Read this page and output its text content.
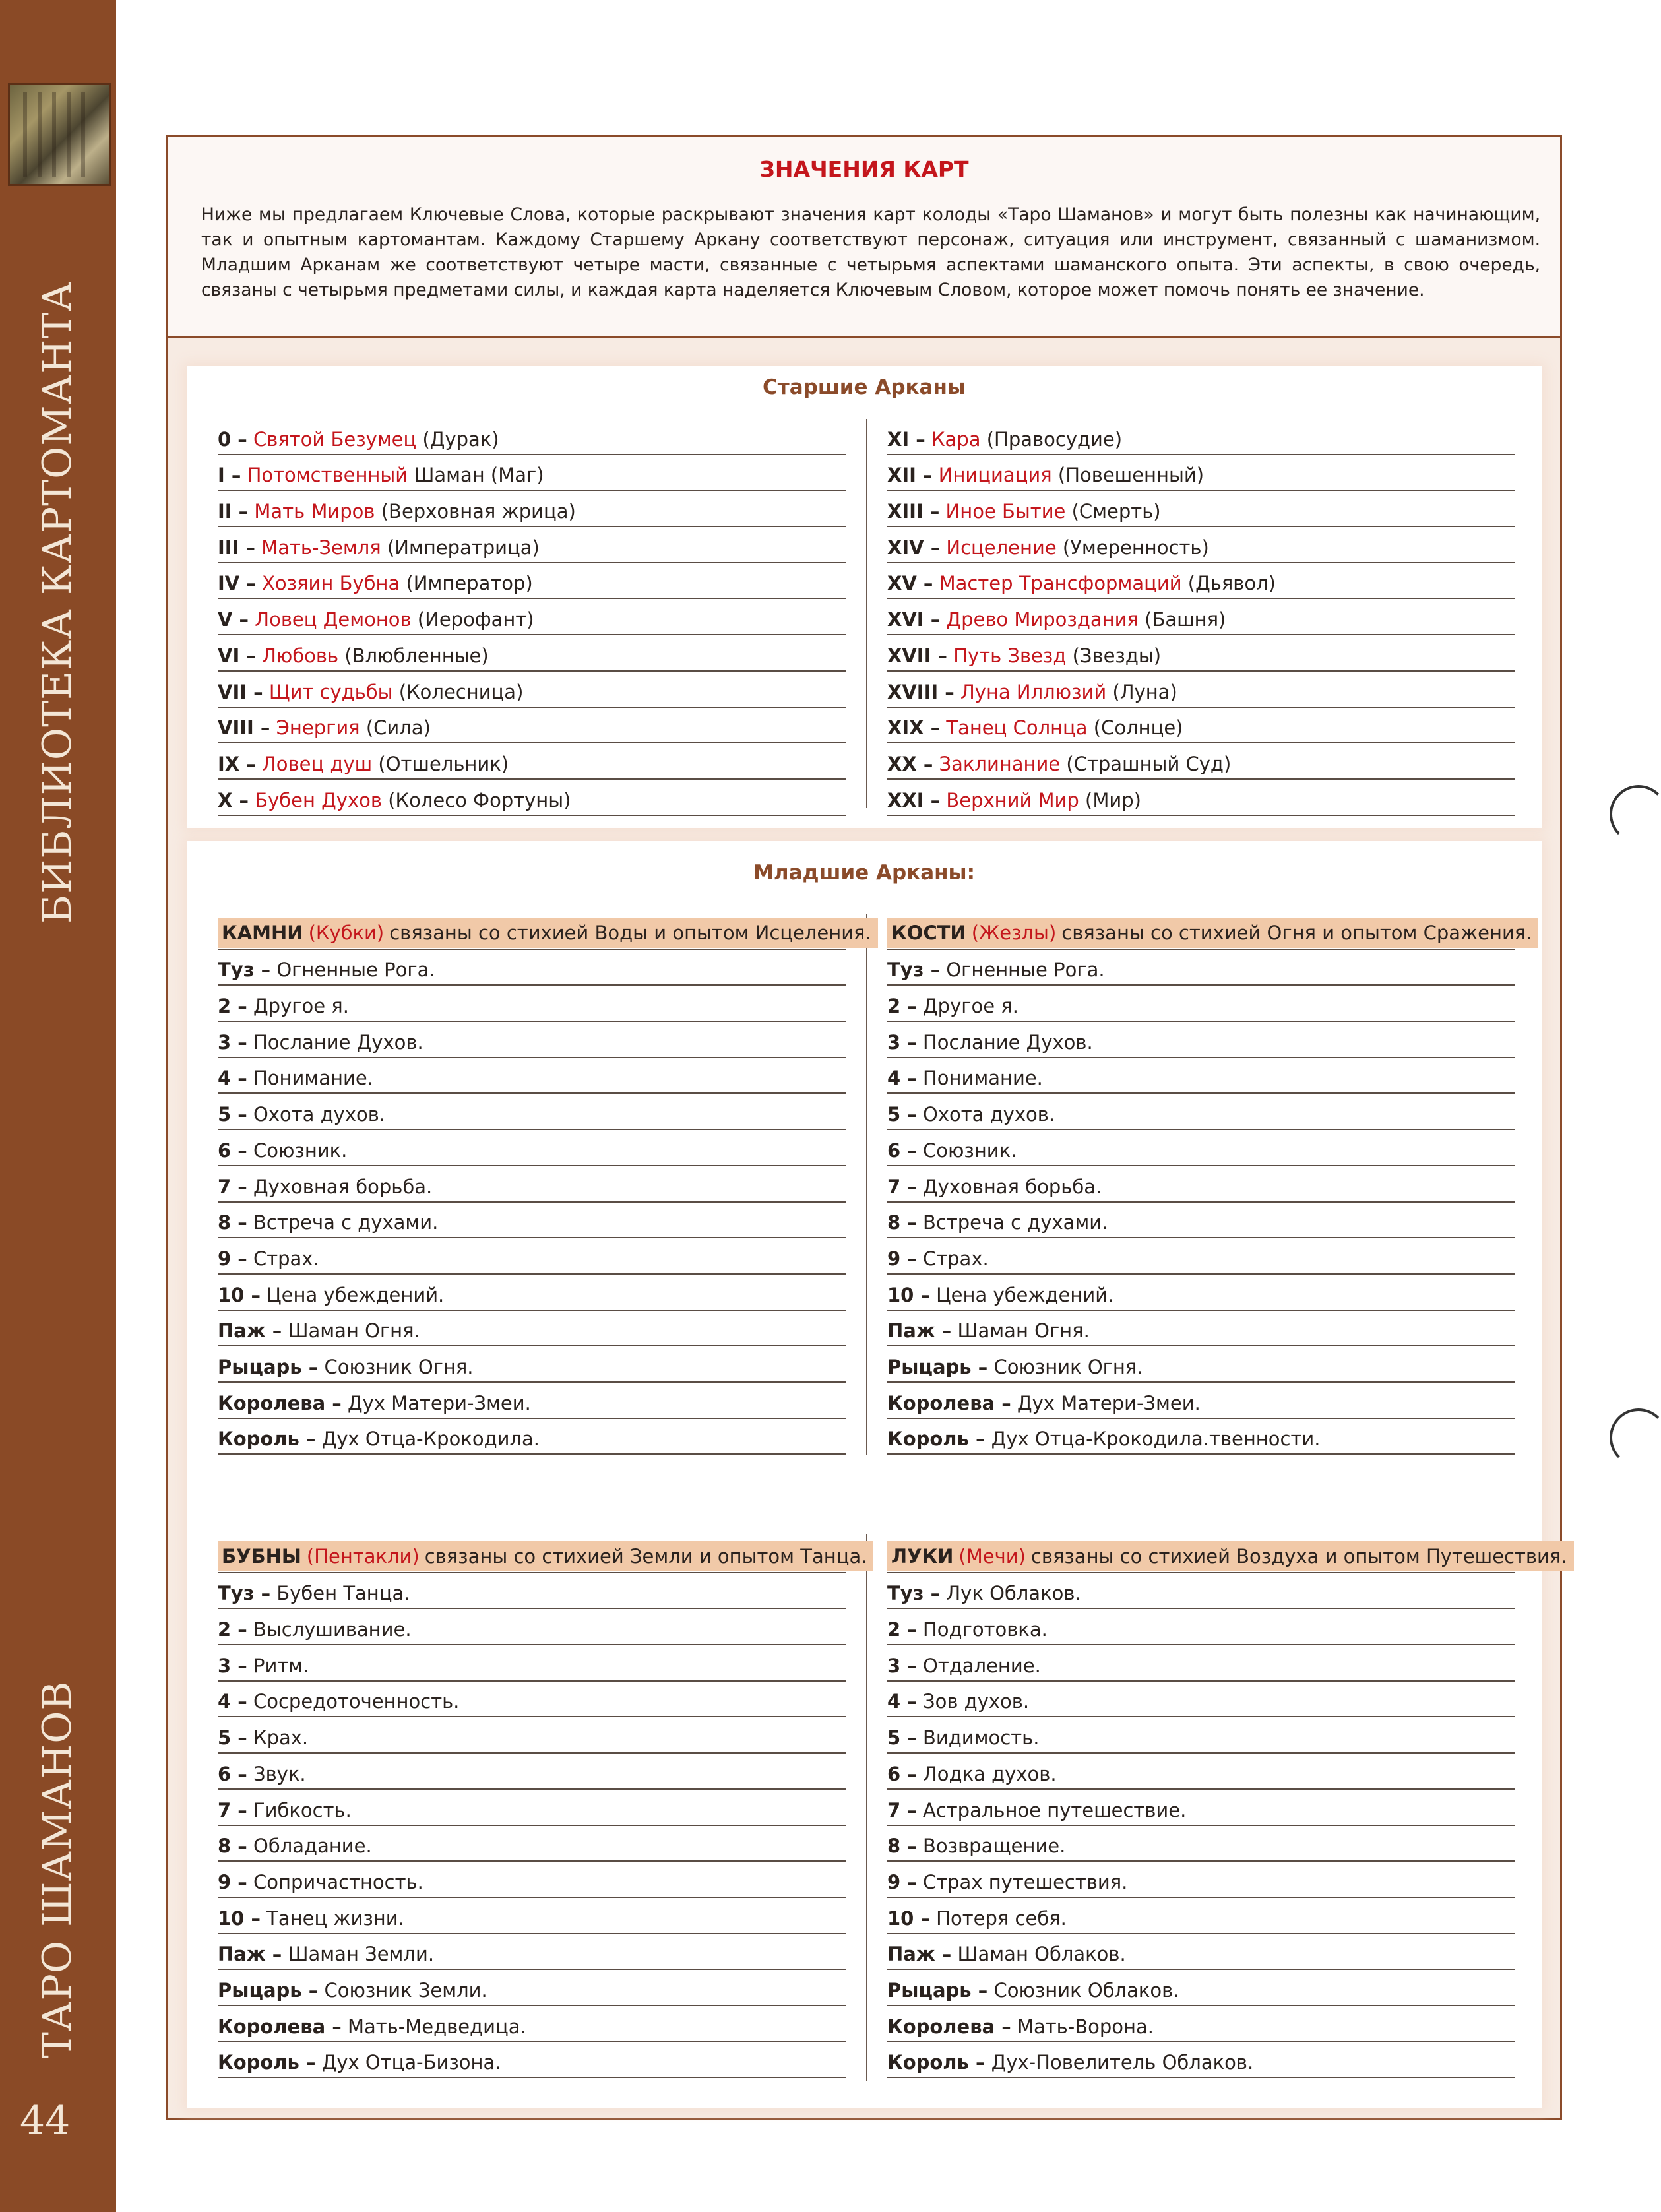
БИБЛИОТЕКА КАРТОМАНТА
ТАРО ШАМАНОВ
44
ЗНАЧЕНИЯ КАРТ
Ниже мы предлагаем Ключевые Слова, которые раскрывают значения карт колоды «Таро Шаманов» и могут быть полезны как начинающим, так и опытным картомантам. Каждому Старшему Аркану соответствуют персонаж, ситуация или инструмент, связанный с шаманизмом. Младшим Арканам же соответствуют четыре масти, связанные с четырьмя аспектами шаманского опыта. Эти аспекты, в свою очередь, связаны с четырьмя предметами силы, и каждая карта наделяется Ключевым Словом, которое может помочь понять ее значение.
Старшие Арканы
0 –
Святой Безумец
(Дурак)
I –
Потомственный
Шаман (Маг)
II –
Мать Миров
(Верховная жрица)
III –
Мать-Земля
(Императрица)
IV –
Хозяин Бубна
(Император)
V –
Ловец Демонов
(Иерофант)
VI –
Любовь
(Влюбленные)
VII –
Щит судьбы
(Колесница)
VIII –
Энергия
(Сила)
IX –
Ловец душ
(Отшельник)
X –
Бубен Духов
(Колесо Фортуны)
XI –
Кара
(Правосудие)
XII –
Инициация
(Повешенный)
XIII –
Иное Бытие
(Смерть)
XIV –
Исцеление
(Умеренность)
XV –
Мастер Трансформаций
(Дьявол)
XVI –
Древо Мироздания
(Башня)
XVII –
Путь Звезд
(Звезды)
XVIII –
Луна Иллюзий
(Луна)
XIX –
Танец Солнца
(Солнце)
XX –
Заклинание
(Страшный Суд)
XXI –
Верхний Мир
(Мир)
Младшие Арканы:
КАМНИ (Кубки) связаны со стихией Воды и опытом Исцеления.
Туз –
Огненные Рога.
2 –
Другое я.
3 –
Послание Духов.
4 –
Понимание.
5 –
Охота духов.
6 –
Союзник.
7 –
Духовная борьба.
8 –
Встреча с духами.
9 –
Страх.
10 –
Цена убеждений.
Паж –
Шаман Огня.
Рыцарь –
Союзник Огня.
Королева –
Дух Матери-Змеи.
Король –
Дух Отца-Крокодила.
КОСТИ (Жезлы) связаны со стихией Огня и опытом Сражения.
Туз –
Огненные Рога.
2 –
Другое я.
3 –
Послание Духов.
4 –
Понимание.
5 –
Охота духов.
6 –
Союзник.
7 –
Духовная борьба.
8 –
Встреча с духами.
9 –
Страх.
10 –
Цена убеждений.
Паж –
Шаман Огня.
Рыцарь –
Союзник Огня.
Королева –
Дух Матери-Змеи.
Король –
Дух Отца-Крокодила.твенности.
БУБНЫ (Пентакли) связаны со стихией Земли и опытом Танца.
Туз –
Бубен Танца.
2 –
Выслушивание.
3 –
Ритм.
4 –
Сосредоточенность.
5 –
Крах.
6 –
Звук.
7 –
Гибкость.
8 –
Обладание.
9 –
Сопричастность.
10 –
Танец жизни.
Паж –
Шаман Земли.
Рыцарь –
Союзник Земли.
Королева –
Мать-Медведица.
Король –
Дух Отца-Бизона.
ЛУКИ (Мечи) связаны со стихией Воздуха и опытом Путешествия.
Туз –
Лук Облаков.
2 –
Подготовка.
3 –
Отдаление.
4 –
Зов духов.
5 –
Видимость.
6 –
Лодка духов.
7 –
Астральное путешествие.
8 –
Возвращение.
9 –
Страх путешествия.
10 –
Потеря себя.
Паж –
Шаман Облаков.
Рыцарь –
Союзник Облаков.
Королева –
Мать-Ворона.
Король –
Дух-Повелитель Облаков.
